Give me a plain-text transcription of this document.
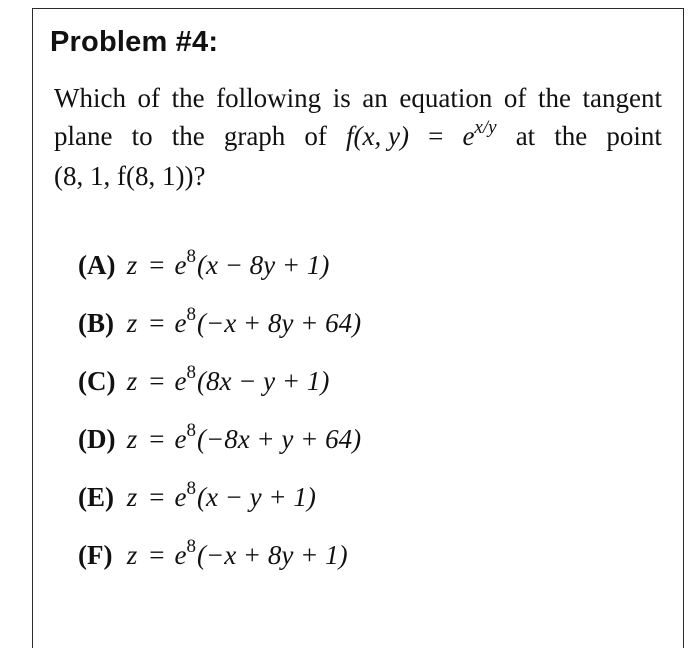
Problem #4:

Which of the following is an equation of the tangent

plane to the graph of f(x, $y) = e^{x/y}$ at the point

(8, 1, f(8, 1))?

(A) $z = e^8(x - 8y + 1)$
(B) $z = e^8(-x + 8y + 64)$
(C) $z = e^8(8x - y + 1)$
(D) $z = e^8(-8x + y + 64)$
(E) $z = e^8(x - y + 1)$
(F) $z = e^8(-x + 8y + 1)$
